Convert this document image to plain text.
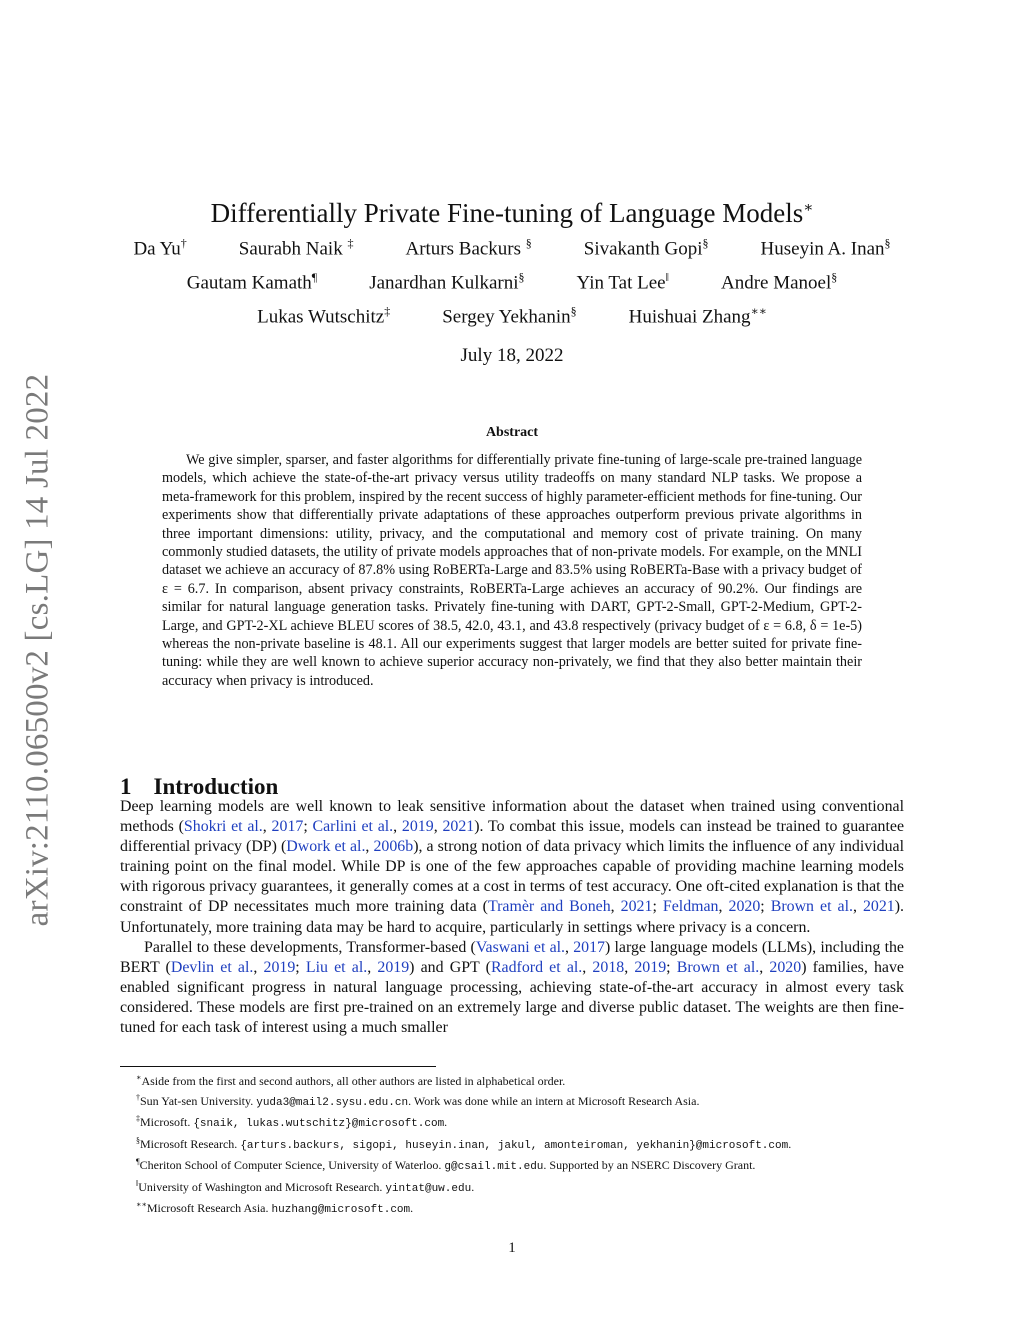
arXiv:2110.06500v2 [cs.LG] 14 Jul 2022
Differentially Private Fine-tuning of Language Models∗
Da Yu†	Saurabh Naik ‡	Arturs Backurs §	Sivakanth Gopi§	Huseyin A. Inan§
Gautam Kamath¶	Janardhan Kulkarni§	Yin Tat Lee‖	Andre Manoel§
Lukas Wutschitz‡	Sergey Yekhanin§	Huishuai Zhang∗∗
July 18, 2022
Abstract
We give simpler, sparser, and faster algorithms for differentially private fine-tuning of large-scale pre-trained language models, which achieve the state-of-the-art privacy versus utility tradeoffs on many standard NLP tasks. We propose a meta-framework for this problem, inspired by the recent success of highly parameter-efficient methods for fine-tuning. Our experiments show that differentially private adaptations of these approaches outperform previous private algorithms in three important dimensions: utility, privacy, and the computational and memory cost of private training. On many commonly studied datasets, the utility of private models approaches that of non-private models. For example, on the MNLI dataset we achieve an accuracy of 87.8% using RoBERTa-Large and 83.5% using RoBERTa-Base with a privacy budget of ε = 6.7. In comparison, absent privacy constraints, RoBERTa-Large achieves an accuracy of 90.2%. Our findings are similar for natural language generation tasks. Privately fine-tuning with DART, GPT-2-Small, GPT-2-Medium, GPT-2-Large, and GPT-2-XL achieve BLEU scores of 38.5, 42.0, 43.1, and 43.8 respectively (privacy budget of ε = 6.8, δ = 1e-5) whereas the non-private baseline is 48.1. All our experiments suggest that larger models are better suited for private fine-tuning: while they are well known to achieve superior accuracy non-privately, we find that they also better maintain their accuracy when privacy is introduced.
1 Introduction

Deep learning models are well known to leak sensitive information about the dataset when trained using conventional methods (Shokri et al., 2017; Carlini et al., 2019, 2021). To combat this issue, models can instead be trained to guarantee differential privacy (DP) (Dwork et al., 2006b), a strong notion of data privacy which limits the influence of any individual training point on the final model. While DP is one of the few approaches capable of providing machine learning models with rigorous privacy guarantees, it generally comes at a cost in terms of test accuracy. One oft-cited explanation is that the constraint of DP necessitates much more training data (Tramèr and Boneh, 2021; Feldman, 2020; Brown et al., 2021). Unfortunately, more training data may be hard to acquire, particularly in settings where privacy is a concern.

Parallel to these developments, Transformer-based (Vaswani et al., 2017) large language models (LLMs), including the BERT (Devlin et al., 2019; Liu et al., 2019) and GPT (Radford et al., 2018, 2019; Brown et al., 2020) families, have enabled significant progress in natural language processing, achieving state-of-the-art accuracy in almost every task considered. These models are first pre-trained on an extremely large and diverse public dataset. The weights are then fine-tuned for each task of interest using a much smaller

∗Aside from the first and second authors, all other authors are listed in alphabetical order.
†Sun Yat-sen University. yuda3@mail2.sysu.edu.cn. Work was done while an intern at Microsoft Research Asia.
‡Microsoft. {snaik, lukas.wutschitz}@microsoft.com.
§Microsoft Research. {arturs.backurs, sigopi, huseyin.inan, jakul, amonteiroman, yekhanin}@microsoft.com.
¶Cheriton School of Computer Science, University of Waterloo. g@csail.mit.edu. Supported by an NSERC Discovery Grant.
‖University of Washington and Microsoft Research. yintat@uw.edu.
∗∗Microsoft Research Asia. huzhang@microsoft.com.
1
